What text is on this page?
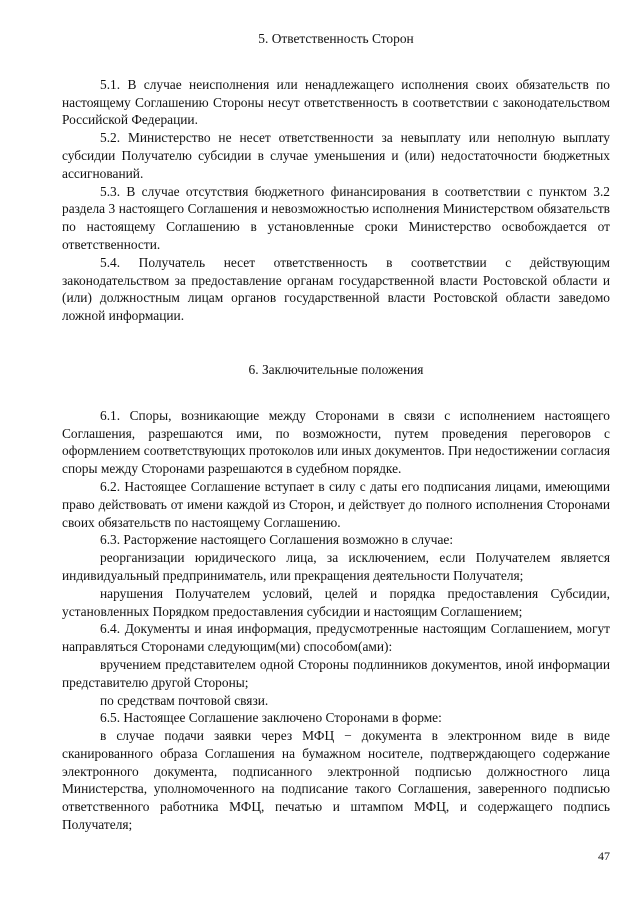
5. Ответственность Сторон

5.1. В случае неисполнения или ненадлежащего исполнения своих обязательств по настоящему Соглашению Стороны несут ответственность в соответствии с законодательством Российской Федерации.

5.2. Министерство не несет ответственности за невыплату или неполную выплату субсидии Получателю субсидии в случае уменьшения и (или) недостаточности бюджетных ассигнований.

5.3. В случае отсутствия бюджетного финансирования в соответствии с пунктом 3.2 раздела 3 настоящего Соглашения и невозможностью исполнения Министерством обязательств по настоящему Соглашению в установленные сроки Министерство освобождается от ответственности.

5.4. Получатель несет ответственность в соответствии с действующим законодательством за предоставление органам государственной власти Ростовской области и (или) должностным лицам органов государственной власти Ростовской области заведомо ложной информации.

6. Заключительные положения

6.1. Споры, возникающие между Сторонами в связи с исполнением настоящего Соглашения, разрешаются ими, по возможности, путем проведения переговоров с оформлением соответствующих протоколов или иных документов. При недостижении согласия споры между Сторонами разрешаются в судебном порядке.

6.2. Настоящее Соглашение вступает в силу с даты его подписания лицами, имеющими право действовать от имени каждой из Сторон, и действует до полного исполнения Сторонами своих обязательств по настоящему Соглашению.

6.3. Расторжение настоящего Соглашения возможно в случае:

реорганизации юридического лица, за исключением, если Получателем является индивидуальный предприниматель, или прекращения деятельности Получателя;

нарушения Получателем условий, целей и порядка предоставления Субсидии, установленных Порядком предоставления субсидии и настоящим Соглашением;

6.4. Документы и иная информация, предусмотренные настоящим Соглашением, могут направляться Сторонами следующим(ми) способом(ами):

вручением представителем одной Стороны подлинников документов, иной информации представителю другой Стороны;

по средствам почтовой связи.

6.5. Настоящее Соглашение заключено Сторонами в форме:

в случае подачи заявки через МФЦ − документа в электронном виде в виде сканированного образа Соглашения на бумажном носителе, подтверждающего содержание электронного документа, подписанного электронной подписью должностного лица Министерства, уполномоченного на подписание такого Соглашения, заверенного подписью ответственного работника МФЦ, печатью и штампом МФЦ, и содержащего подпись Получателя;

47
